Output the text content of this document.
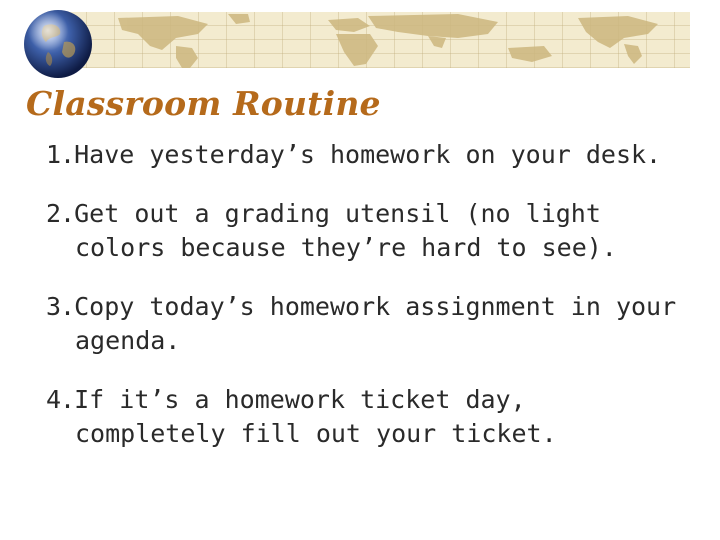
Classroom Routine
1.Have yesterday’s homework on your desk.
2.Get out a grading utensil (no light colors because they’re hard to see).
3.Copy today’s homework assignment in your agenda.
4.If it’s a homework ticket day, completely fill out your ticket.
